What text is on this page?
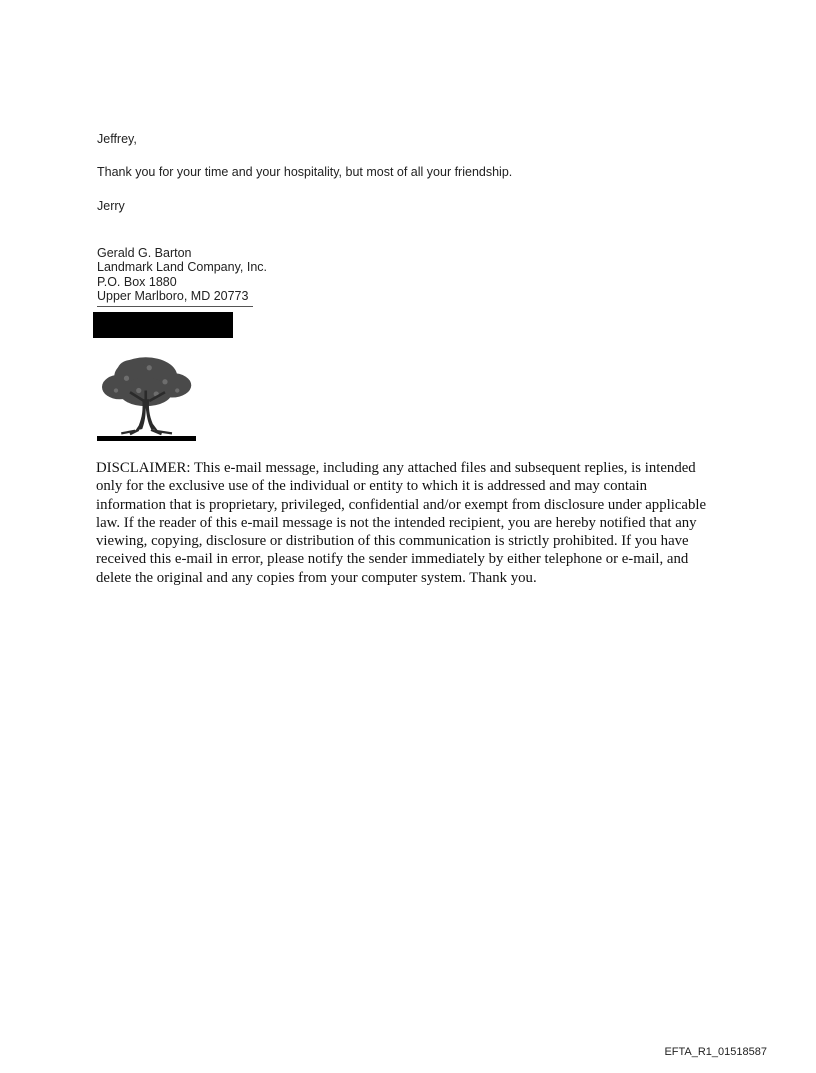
Jeffrey,
Thank you for your time and your hospitality, but most of all your friendship.
Jerry
Gerald G. Barton
Landmark Land Company, Inc.
P.O. Box 1880
Upper Marlboro, MD 20773
DISCLAIMER: This e-mail message, including any attached files and subsequent replies, is intended only for the exclusive use of the individual or entity to which it is addressed and may contain information that is proprietary, privileged, confidential and/or exempt from disclosure under applicable law. If the reader of this e-mail message is not the intended recipient, you are hereby notified that any viewing, copying, disclosure or distribution of this communication is strictly prohibited. If you have received this e-mail in error, please notify the sender immediately by either telephone or e-mail, and delete the original and any copies from your computer system. Thank you.
EFTA_R1_01518587
